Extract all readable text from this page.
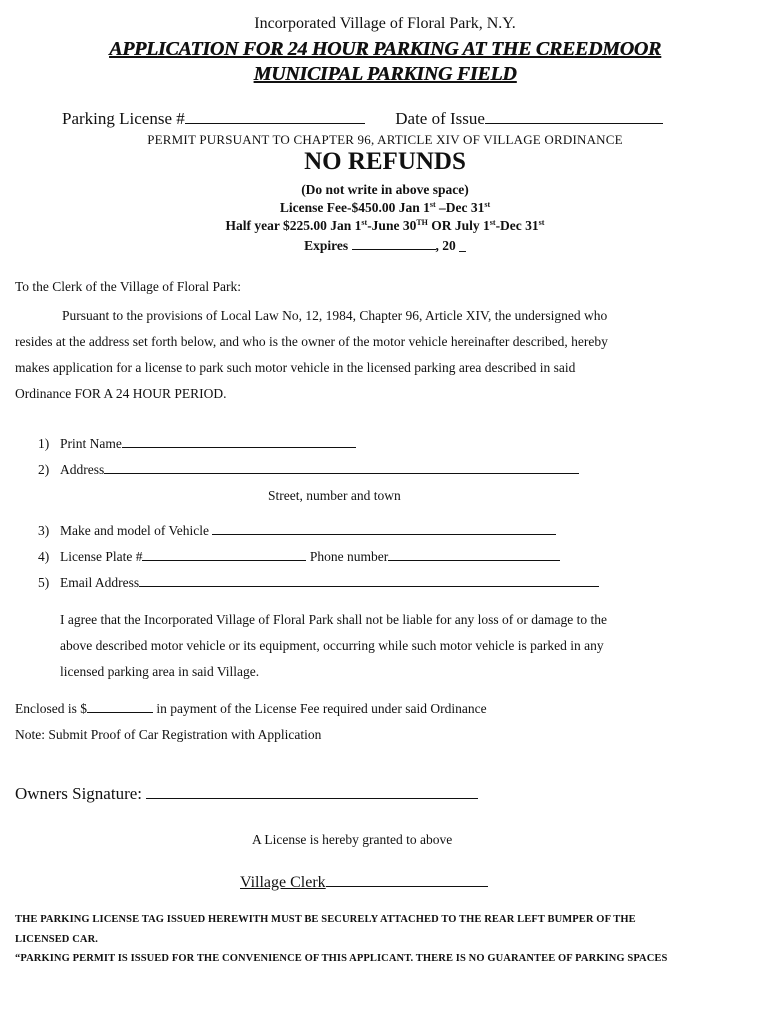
Incorporated Village of Floral Park, N.Y.
APPLICATION FOR 24 HOUR PARKING AT THE CREEDMOOR
MUNICIPAL PARKING FIELD
Parking License #	Date of Issue
PERMIT PURSUANT TO CHAPTER 96, ARTICLE XIV OF VILLAGE ORDINANCE
NO REFUNDS
(Do not write in above space)
License Fee-$450.00 Jan 1st –Dec 31st
Half year $225.00 Jan 1st-June 30TH OR July 1st-Dec 31st
Expires	, 20 _
To the Clerk of the Village of Floral Park:
Pursuant to the provisions of Local Law No, 12, 1984, Chapter 96, Article XIV, the undersigned who
resides at the address set forth below, and who is the owner of the motor vehicle hereinafter described, hereby
makes application for a license to park such motor vehicle in the licensed parking area described in said
Ordinance FOR A 24 HOUR PERIOD.
1) Print Name
2) Address
Street, number and town
3) Make and model of Vehicle
4) License Plate #	Phone number
5) Email Address
I agree that the Incorporated Village of Floral Park shall not be liable for any loss of or damage to the
above described motor vehicle or its equipment, occurring while such motor vehicle is parked in any
licensed parking area in said Village.
Enclosed is $	in payment of the License Fee required under said Ordinance
Note: Submit Proof of Car Registration with Application
Owners Signature:
A License is hereby granted to above
Village Clerk
THE PARKING LICENSE TAG ISSUED HEREWITH MUST BE SECURELY ATTACHED TO THE REAR LEFT BUMPER OF THE
LICENSED CAR.
“PARKING PERMIT IS ISSUED FOR THE CONVENIENCE OF THIS APPLICANT. THERE IS NO GUARANTEE OF PARKING SPACES
